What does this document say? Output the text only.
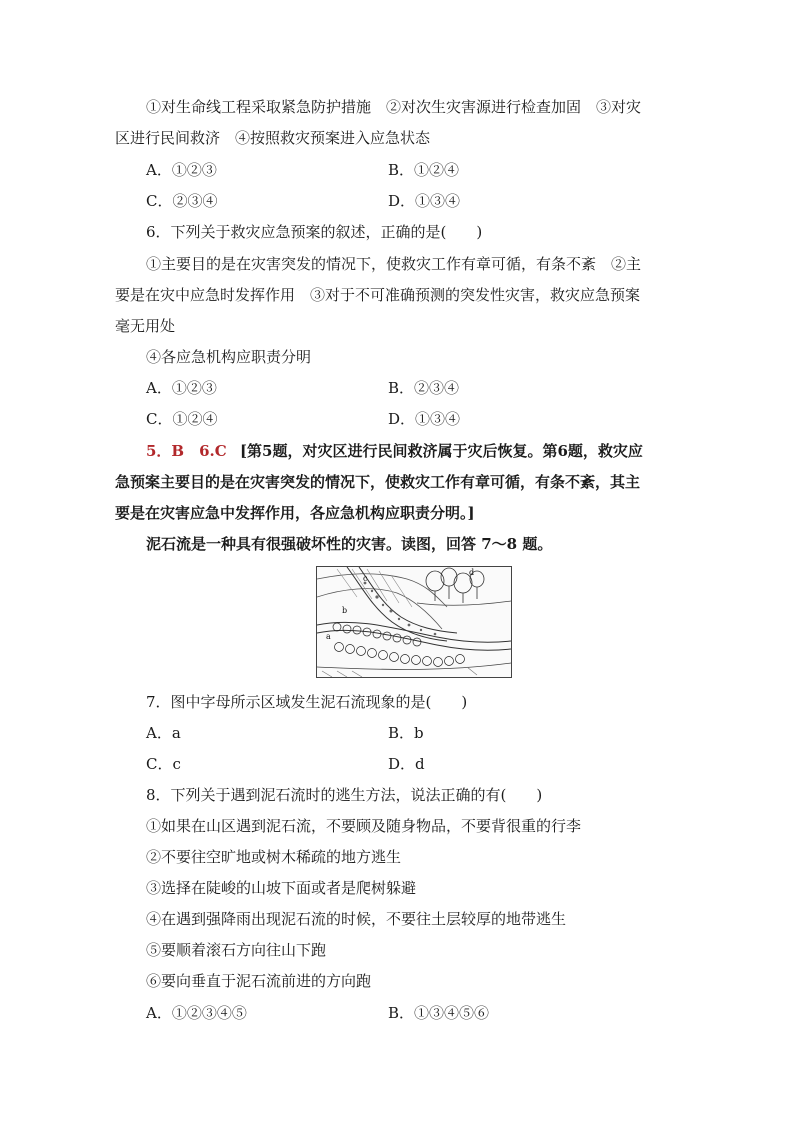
①对生命线工程采取紧急防护措施　②对次生灾害源进行检查加固　③对灾
区进行民间救济　④按照救灾预案进入应急状态
A．①②③	B．①②④
C．②③④	D．①③④
6．下列关于救灾应急预案的叙述，正确的是(　　)
①主要目的是在灾害突发的情况下，使救灾工作有章可循，有条不紊　②主
要是在灾中应急时发挥作用　③对于不可准确预测的突发性灾害，救灾应急预案
毫无用处
④各应急机构应职责分明
A．①②③	B．②③④
C．①②④	D．①③④
5．B　6.C [第5题，对灾区进行民间救济属于灾后恢复。第6题，救灾应
急预案主要目的是在灾害突发的情况下，使救灾工作有章可循，有条不紊，其主
要是在灾害应急中发挥作用，各应急机构应职责分明。]
泥石流是一种具有很强破坏性的灾害。读图，回答 7～8 题。
a
b
c
d
7．图中字母所示区域发生泥石流现象的是(　　)
A．a	B．b
C．c	D．d
8．下列关于遇到泥石流时的逃生方法，说法正确的有(　　)
①如果在山区遇到泥石流，不要顾及随身物品，不要背很重的行李
②不要往空旷地或树木稀疏的地方逃生
③选择在陡峻的山坡下面或者是爬树躲避
④在遇到强降雨出现泥石流的时候，不要往土层较厚的地带逃生
⑤要顺着滚石方向往山下跑
⑥要向垂直于泥石流前进的方向跑
A．①②③④⑤	B．①③④⑤⑥
